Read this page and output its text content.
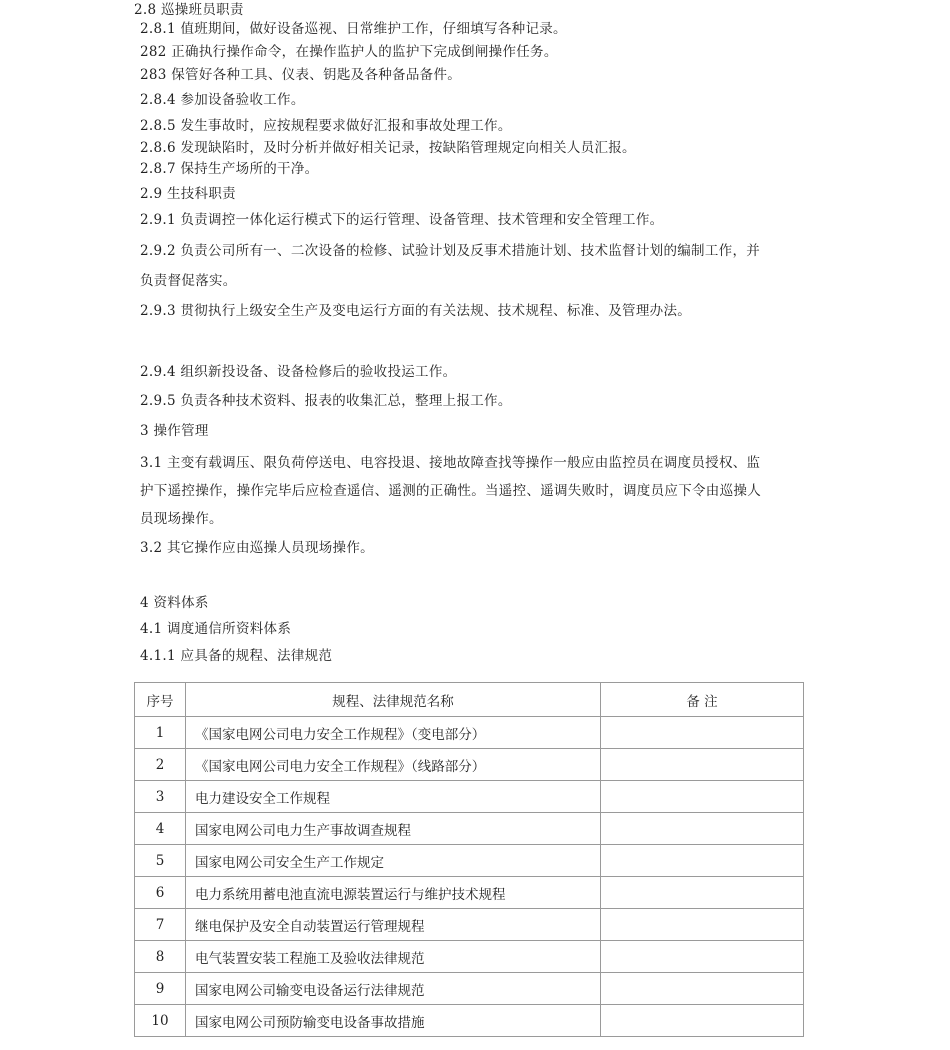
2.8 巡操班员职责

2.8.1 值班期间，做好设备巡视、日常维护工作，仔细填写各种记录。

282 正确执行操作命令，在操作监护人的监护下完成倒闸操作任务。

283 保管好各种工具、仪表、钥匙及各种备品备件。

2.8.4 参加设备验收工作。

2.8.5 发生事故时，应按规程要求做好汇报和事故处理工作。

2.8.6 发现缺陷时，及时分析并做好相关记录，按缺陷管理规定向相关人员汇报。

2.8.7 保持生产场所的干净。

2.9 生技科职责

2.9.1 负责调控一体化运行模式下的运行管理、设备管理、技术管理和安全管理工作。

2.9.2 负责公司所有一、二次设备的检修、试验计划及反事术措施计划、技术监督计划的编制工作，并

负责督促落实。

2.9.3 贯彻执行上级安全生产及变电运行方面的有关法规、技术规程、标准、及管理办法。

2.9.4 组织新投设备、设备检修后的验收投运工作。

2.9.5 负责各种技术资料、报表的收集汇总，整理上报工作。

3 操作管理

3.1 主变有载调压、限负荷停送电、电容投退、接地故障查找等操作一般应由监控员在调度员授权、监

护下遥控操作，操作完毕后应检查遥信、遥测的正确性。当遥控、遥调失败时，调度员应下令由巡操人

员现场操作。

3.2 其它操作应由巡操人员现场操作。

4 资料体系

4.1 调度通信所资料体系

4.1.1 应具备的规程、法律规范

序号	规程、法律规范名称	备 注
1	《国家电网公司电力安全工作规程》（变电部分）	
2	《国家电网公司电力安全工作规程》（线路部分）	
3	电力建设安全工作规程	
4	国家电网公司电力生产事故调查规程	
5	国家电网公司安全生产工作规定	
6	电力系统用蓄电池直流电源装置运行与维护技术规程	
7	继电保护及安全自动装置运行管理规程	
8	电气装置安装工程施工及验收法律规范	
9	国家电网公司输变电设备运行法律规范	
10	国家电网公司预防输变电设备事故措施	
